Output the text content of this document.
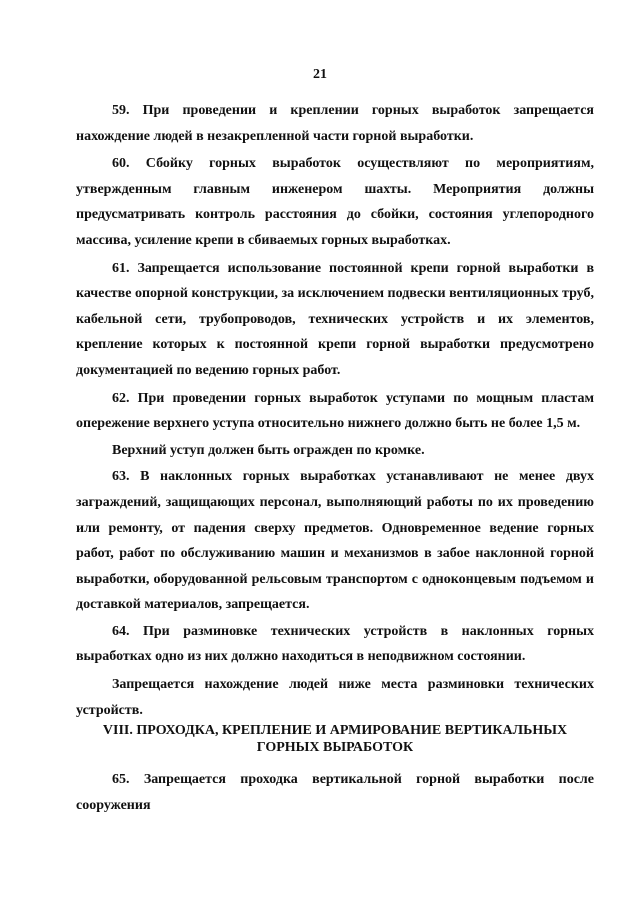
21

59. При проведении и креплении горных выработок запрещается нахождение людей в незакрепленной части горной выработки.

60. Сбойку горных выработок осуществляют по мероприятиям, утвержденным главным инженером шахты. Мероприятия должны предусматривать контроль расстояния до сбойки, состояния углепородного массива, усиление крепи в сбиваемых горных выработках.

61. Запрещается использование постоянной крепи горной выработки в качестве опорной конструкции, за исключением подвески вентиляционных труб, кабельной сети, трубопроводов, технических устройств и их элементов, крепление которых к постоянной крепи горной выработки предусмотрено документацией по ведению горных работ.

62. При проведении горных выработок уступами по мощным пластам опережение верхнего уступа относительно нижнего должно быть не более 1,5 м.

Верхний уступ должен быть огражден по кромке.

63. В наклонных горных выработках устанавливают не менее двух заграждений, защищающих персонал, выполняющий работы по их проведению или ремонту, от падения сверху предметов. Одновременное ведение горных работ, работ по обслуживанию машин и механизмов в забое наклонной горной выработки, оборудованной рельсовым транспортом с одноконцевым подъемом и доставкой материалов, запрещается.

64. При разминовке технических устройств в наклонных горных выработках одно из них должно находиться в неподвижном состоянии.

Запрещается нахождение людей ниже места разминовки технических устройств.

VIII. ПРОХОДКА, КРЕПЛЕНИЕ И АРМИРОВАНИЕ ВЕРТИКАЛЬНЫХ ГОРНЫХ ВЫРАБОТОК

65. Запрещается проходка вертикальной горной выработки после сооружения
